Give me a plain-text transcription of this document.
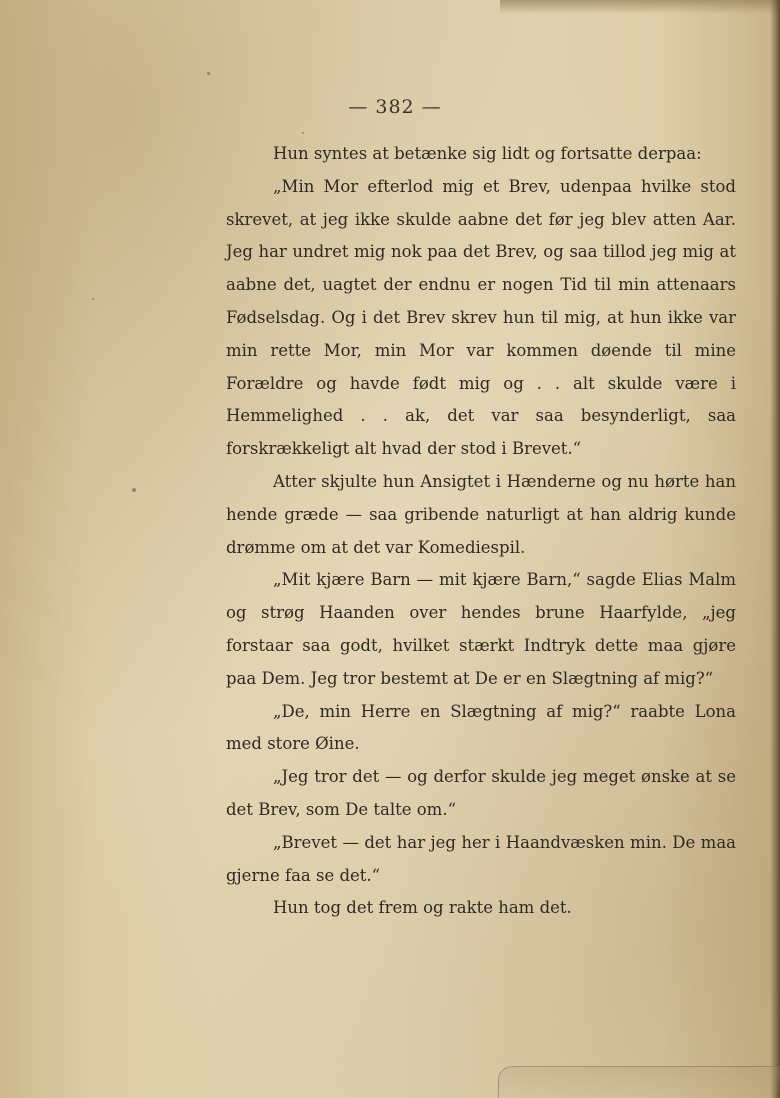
— 382 —

Hun syntes at betænke sig lidt og fortsatte derpaa:

„Min Mor efterlod mig et Brev, udenpaa hvilke stod skrevet, at jeg ikke skulde aabne det før jeg blev atten Aar. Jeg har undret mig nok paa det Brev, og saa tillod jeg mig at aabne det, uagtet der endnu er nogen Tid til min attenaars Fødselsdag. Og i det Brev skrev hun til mig, at hun ikke var min rette Mor, min Mor var kommen døende til mine Forældre og havde født mig og . . alt skulde være i Hemmelighed . . ak, det var saa besynderligt, saa forskrækkeligt alt hvad der stod i Brevet.“

Atter skjulte hun Ansigtet i Hænderne og nu hørte han hende græde — saa gribende naturligt at han aldrig kunde drømme om at det var Komediespil.

„Mit kjære Barn — mit kjære Barn,“ sagde Elias Malm og strøg Haanden over hendes brune Haarfylde, „jeg forstaar saa godt, hvilket stærkt Indtryk dette maa gjøre paa Dem. Jeg tror bestemt at De er en Slægtning af mig?“

„De, min Herre en Slægtning af mig?“ raabte Lona med store Øine.

„Jeg tror det — og derfor skulde jeg meget ønske at se det Brev, som De talte om.“

„Brevet — det har jeg her i Haandvæsken min. De maa gjerne faa se det.“

Hun tog det frem og rakte ham det.
